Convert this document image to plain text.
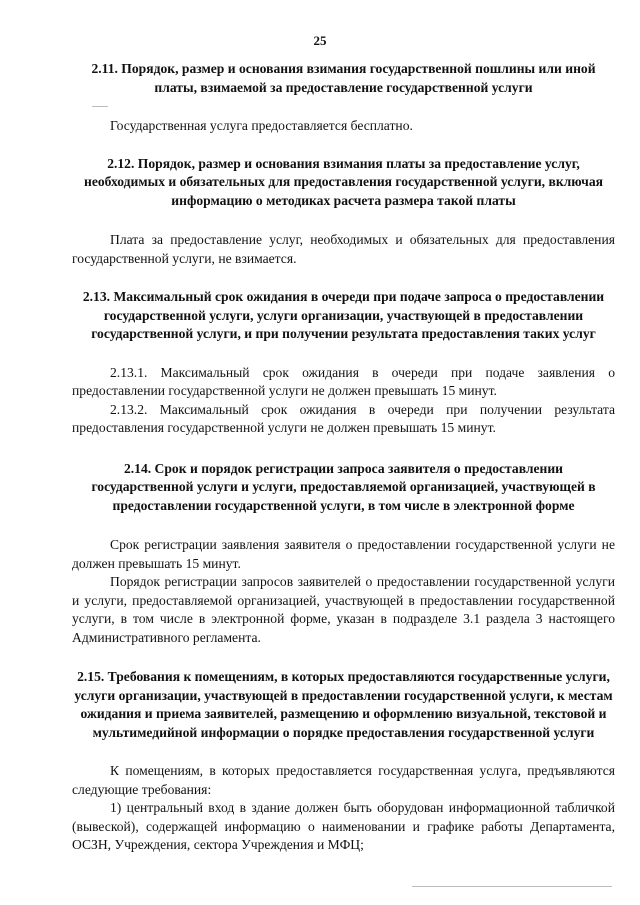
25

2.11. Порядок, размер и основания взимания государственной пошлины или иной платы, взимаемой за предоставление государственной услуги

Государственная услуга предоставляется бесплатно.

2.12. Порядок, размер и основания взимания платы за предоставление услуг, необходимых и обязательных для предоставления государственной услуги, включая информацию о методиках расчета размера такой платы

Плата за предоставление услуг, необходимых и обязательных для предоставления государственной услуги, не взимается.

2.13. Максимальный срок ожидания в очереди при подаче запроса о предоставлении государственной услуги, услуги организации, участвующей в предоставлении государственной услуги, и при получении результата предоставления таких услуг

2.13.1. Максимальный срок ожидания в очереди при подаче заявления о предоставлении государственной услуги не должен превышать 15 минут.

2.13.2. Максимальный срок ожидания в очереди при получении результата предоставления государственной услуги не должен превышать 15 минут.

2.14. Срок и порядок регистрации запроса заявителя о предоставлении государственной услуги и услуги, предоставляемой организацией, участвующей в предоставлении государственной услуги, в том числе в электронной форме

Срок регистрации заявления заявителя о предоставлении государственной услуги не должен превышать 15 минут.

Порядок регистрации запросов заявителей о предоставлении государственной услуги и услуги, предоставляемой организацией, участвующей в предоставлении государственной услуги, в том числе в электронной форме, указан в подразделе 3.1 раздела 3 настоящего Административного регламента.

2.15. Требования к помещениям, в которых предоставляются государственные услуги, услуги организации, участвующей в предоставлении государственной услуги, к местам ожидания и приема заявителей, размещению и оформлению визуальной, текстовой и мультимедийной информации о порядке предоставления государственной услуги

К помещениям, в которых предоставляется государственная услуга, предъявляются следующие требования:

1) центральный вход в здание должен быть оборудован информационной табличкой (вывеской), содержащей информацию о наименовании и графике работы Департамента, ОСЗН, Учреждения, сектора Учреждения и МФЦ;
